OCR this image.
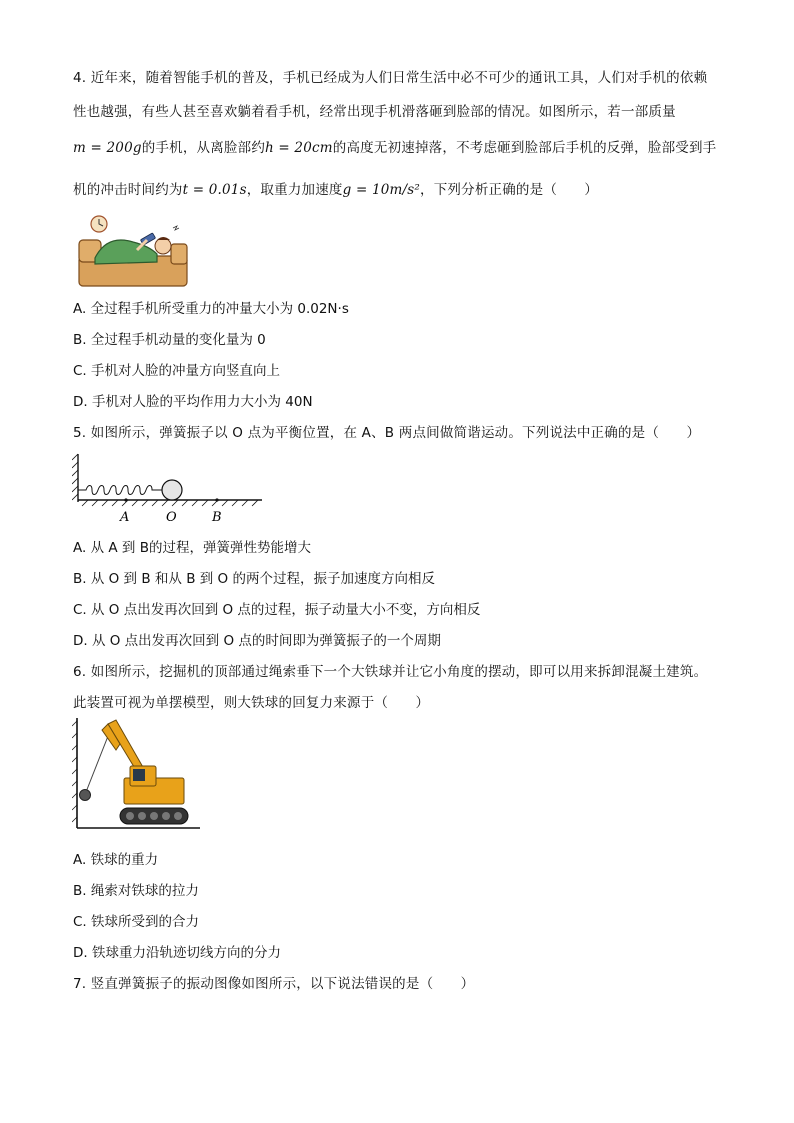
4. 近年来，随着智能手机的普及，手机已经成为人们日常生活中必不可少的通讯工具，人们对手机的依赖
性也越强，有些人甚至喜欢躺着看手机，经常出现手机滑落砸到脸部的情况。如图所示，若一部质量
m = 200g的手机，从离脸部约h = 20cm的高度无初速掉落，不考虑砸到脸部后手机的反弹，脸部受到手
机的冲击时间约为t = 0.01s，取重力加速度g = 10m/s²，下列分析正确的是（　　）
A. 全过程手机所受重力的冲量大小为 0.02N·s
B. 全过程手机动量的变化量为 0
C. 手机对人脸的冲量方向竖直向上
D. 手机对人脸的平均作用力大小为 40N
5. 如图所示，弹簧振子以 O 点为平衡位置，在 A、B 两点间做简谐运动。下列说法中正确的是（　　）
A	O	B
A. 从 A 到 B的过程，弹簧弹性势能增大
B. 从 O 到 B 和从 B 到 O 的两个过程，振子加速度方向相反
C. 从 O 点出发再次回到 O 点的过程，振子动量大小不变，方向相反
D. 从 O 点出发再次回到 O 点的时间即为弹簧振子的一个周期
6. 如图所示，挖掘机的顶部通过绳索垂下一个大铁球并让它小角度的摆动，即可以用来拆卸混凝土建筑。
此装置可视为单摆模型，则大铁球的回复力来源于（　　）
A. 铁球的重力
B. 绳索对铁球的拉力
C. 铁球所受到的合力
D. 铁球重力沿轨迹切线方向的分力
7. 竖直弹簧振子的振动图像如图所示，以下说法错误的是（　　）
